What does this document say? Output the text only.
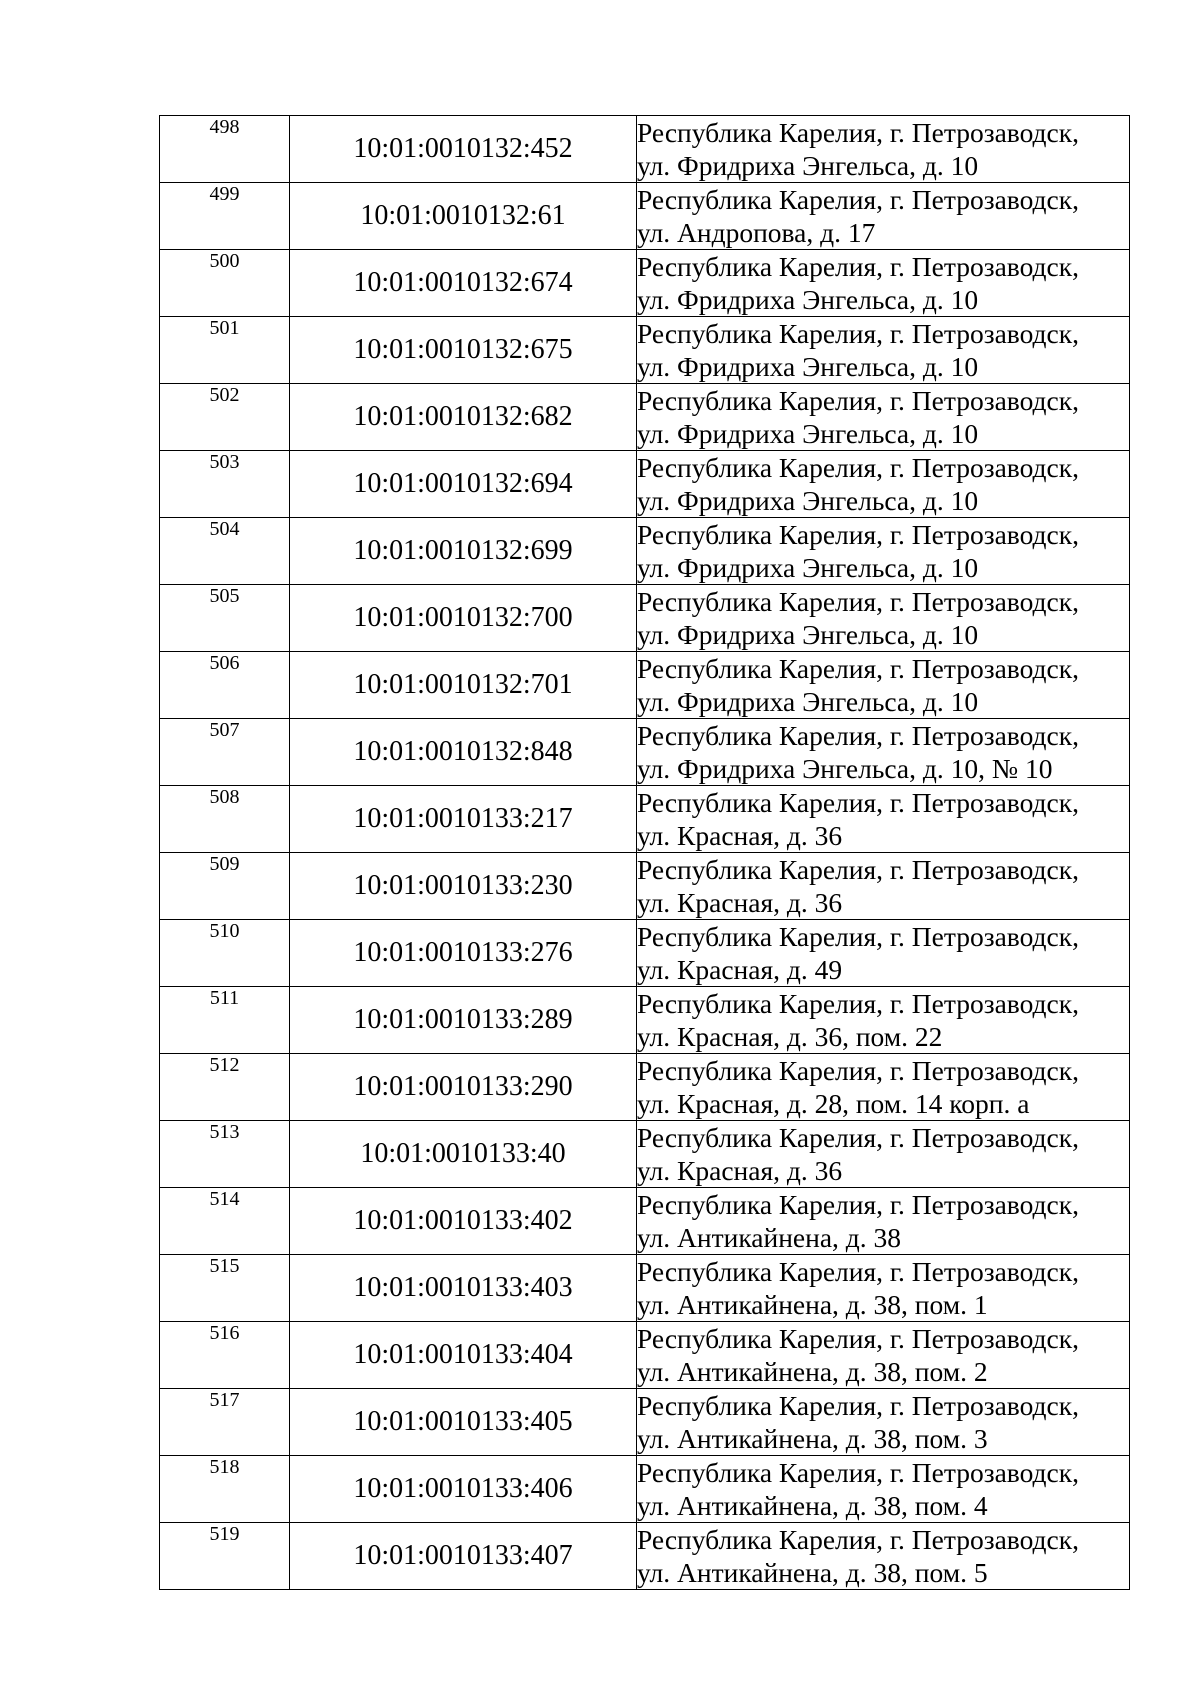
498	10:01:0010132:452	Республика Карелия, г. Петрозаводск,
ул. Фридриха Энгельса, д. 10

499	10:01:0010132:61	Республика Карелия, г. Петрозаводск,
ул. Андропова, д. 17

500	10:01:0010132:674	Республика Карелия, г. Петрозаводск,
ул. Фридриха Энгельса, д. 10

501	10:01:0010132:675	Республика Карелия, г. Петрозаводск,
ул. Фридриха Энгельса, д. 10

502	10:01:0010132:682	Республика Карелия, г. Петрозаводск,
ул. Фридриха Энгельса, д. 10

503	10:01:0010132:694	Республика Карелия, г. Петрозаводск,
ул. Фридриха Энгельса, д. 10

504	10:01:0010132:699	Республика Карелия, г. Петрозаводск,
ул. Фридриха Энгельса, д. 10

505	10:01:0010132:700	Республика Карелия, г. Петрозаводск,
ул. Фридриха Энгельса, д. 10

506	10:01:0010132:701	Республика Карелия, г. Петрозаводск,
ул. Фридриха Энгельса, д. 10

507	10:01:0010132:848	Республика Карелия, г. Петрозаводск,
ул. Фридриха Энгельса, д. 10, № 10

508	10:01:0010133:217	Республика Карелия, г. Петрозаводск,
ул. Красная, д. 36

509	10:01:0010133:230	Республика Карелия, г. Петрозаводск,
ул. Красная, д. 36

510	10:01:0010133:276	Республика Карелия, г. Петрозаводск,
ул. Красная, д. 49

511	10:01:0010133:289	Республика Карелия, г. Петрозаводск,
ул. Красная, д. 36, пом. 22

512	10:01:0010133:290	Республика Карелия, г. Петрозаводск,
ул. Красная, д. 28, пом. 14 корп. а

513	10:01:0010133:40	Республика Карелия, г. Петрозаводск,
ул. Красная, д. 36

514	10:01:0010133:402	Республика Карелия, г. Петрозаводск,
ул. Антикайнена, д. 38

515	10:01:0010133:403	Республика Карелия, г. Петрозаводск,
ул. Антикайнена, д. 38, пом. 1

516	10:01:0010133:404	Республика Карелия, г. Петрозаводск,
ул. Антикайнена, д. 38, пом. 2

517	10:01:0010133:405	Республика Карелия, г. Петрозаводск,
ул. Антикайнена, д. 38, пом. 3

518	10:01:0010133:406	Республика Карелия, г. Петрозаводск,
ул. Антикайнена, д. 38, пом. 4

519	10:01:0010133:407	Республика Карелия, г. Петрозаводск,
ул. Антикайнена, д. 38, пом. 5
